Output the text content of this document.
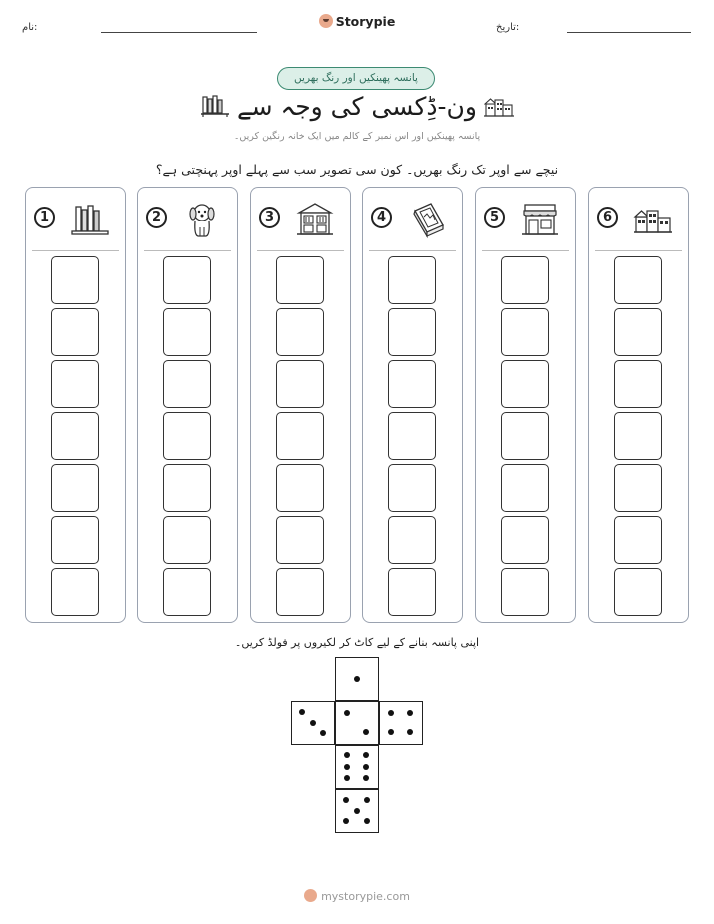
نام:	Storypie	تاریخ:
پانسہ پھینکیں اور رنگ بھریں
ون-ڈِکسی کی وجہ سے
پانسہ پھینکیں اور اس نمبر کے کالم میں ایک خانہ رنگین کریں۔
نیچے سے اوپر تک رنگ بھریں۔ کون سی تصویر سب سے پہلے اوپر پہنچتی ہے؟
1	2	3	4	5	6
اپنی پانسہ بنانے کے لیے کاٹ کر لکیروں پر فولڈ کریں۔
mystorypie.com
